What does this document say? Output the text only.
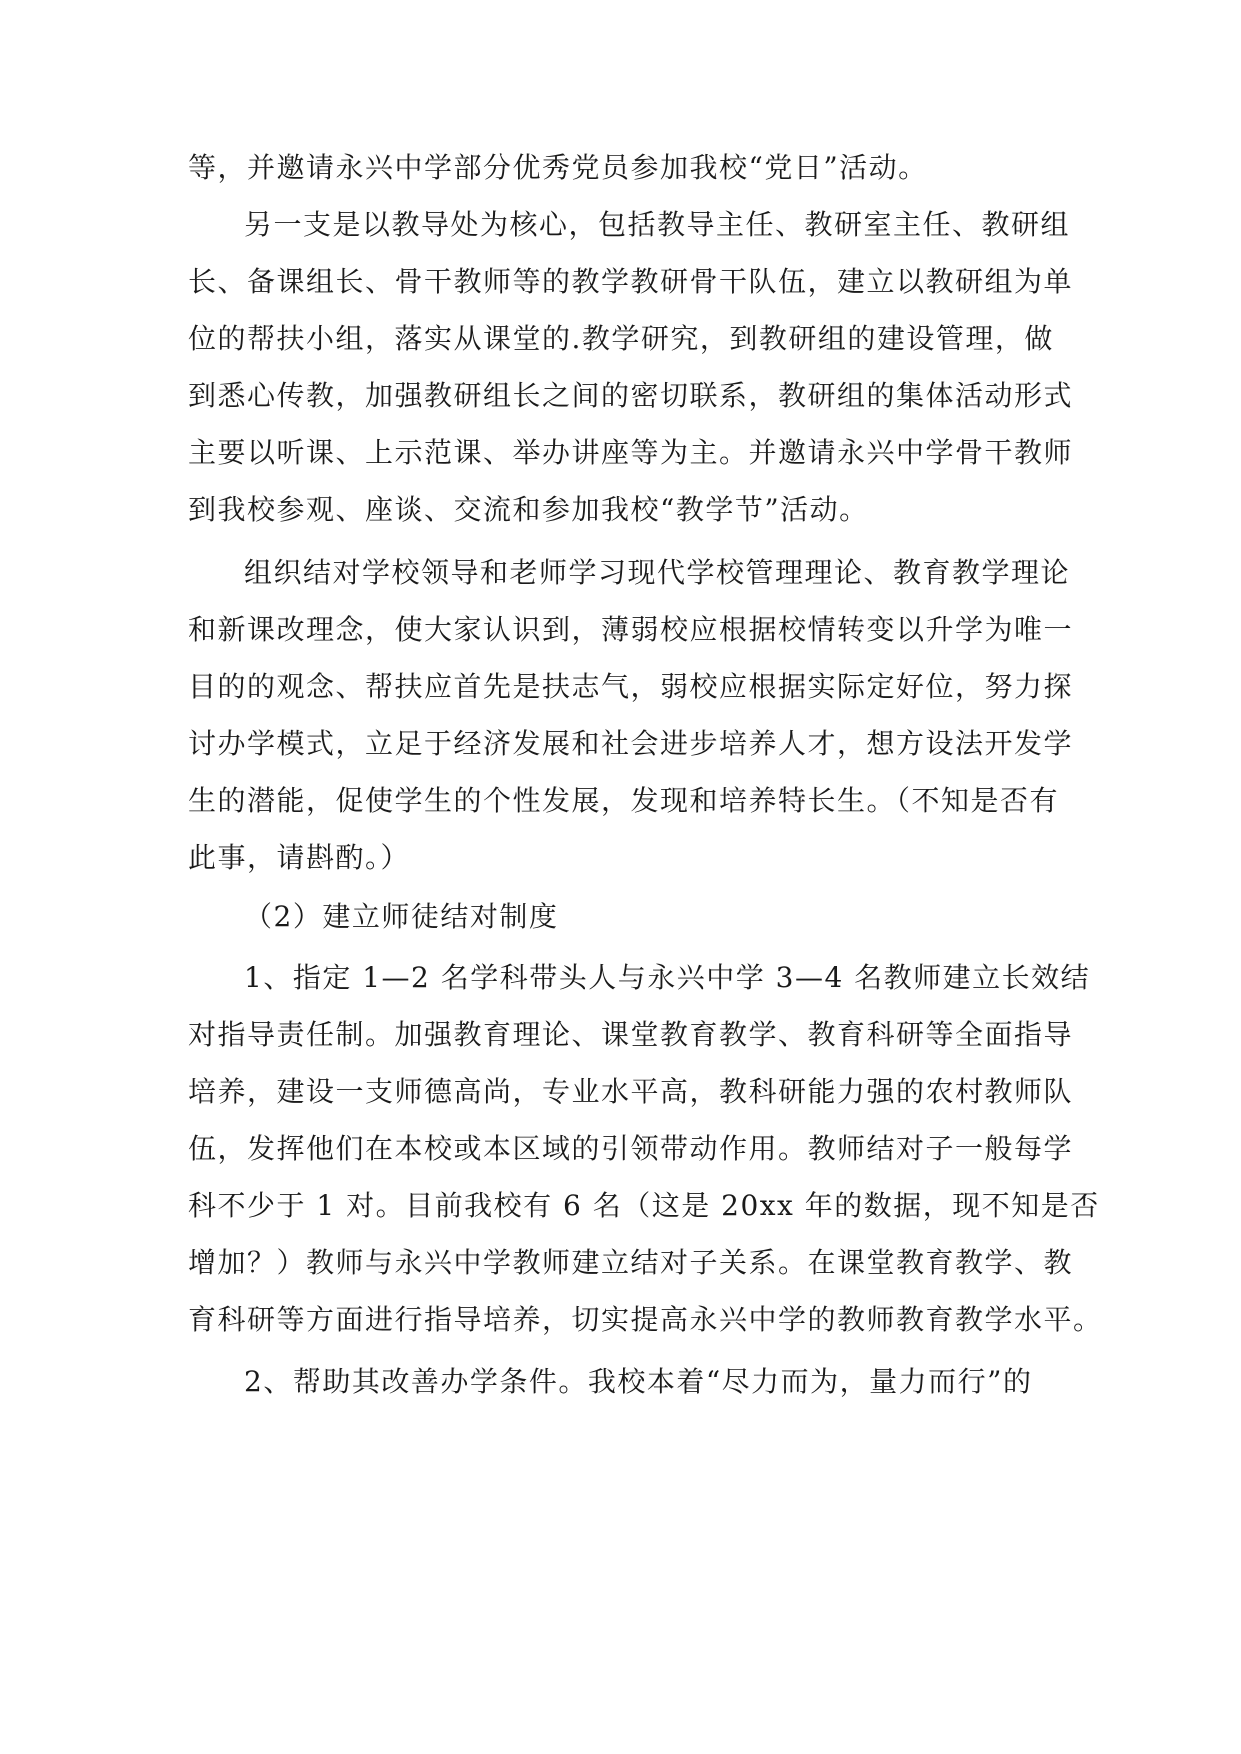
等，并邀请永兴中学部分优秀党员参加我校“党日”活动。
另一支是以教导处为核心，包括教导主任、教研室主任、教研组
长、备课组长、骨干教师等的教学教研骨干队伍，建立以教研组为单
位的帮扶小组，落实从课堂的.教学研究，到教研组的建设管理，做
到悉心传教，加强教研组长之间的密切联系，教研组的集体活动形式
主要以听课、上示范课、举办讲座等为主。并邀请永兴中学骨干教师
到我校参观、座谈、交流和参加我校“教学节”活动。
组织结对学校领导和老师学习现代学校管理理论、教育教学理论
和新课改理念，使大家认识到，薄弱校应根据校情转变以升学为唯一
目的的观念、帮扶应首先是扶志气，弱校应根据实际定好位，努力探
讨办学模式，立足于经济发展和社会进步培养人才，想方设法开发学
生的潜能，促使学生的个性发展，发现和培养特长生。（不知是否有
此事，请斟酌。）
（2）建立师徒结对制度
1、指定 1—2 名学科带头人与永兴中学 3—4 名教师建立长效结
对指导责任制。加强教育理论、课堂教育教学、教育科研等全面指导
培养，建设一支师德高尚，专业水平高，教科研能力强的农村教师队
伍，发挥他们在本校或本区域的引领带动作用。教师结对子一般每学
科不少于 1 对。目前我校有 6 名（这是 20xx 年的数据，现不知是否
增加？）教师与永兴中学教师建立结对子关系。在课堂教育教学、教
育科研等方面进行指导培养，切实提高永兴中学的教师教育教学水平。
2、帮助其改善办学条件。我校本着“尽力而为，量力而行”的
